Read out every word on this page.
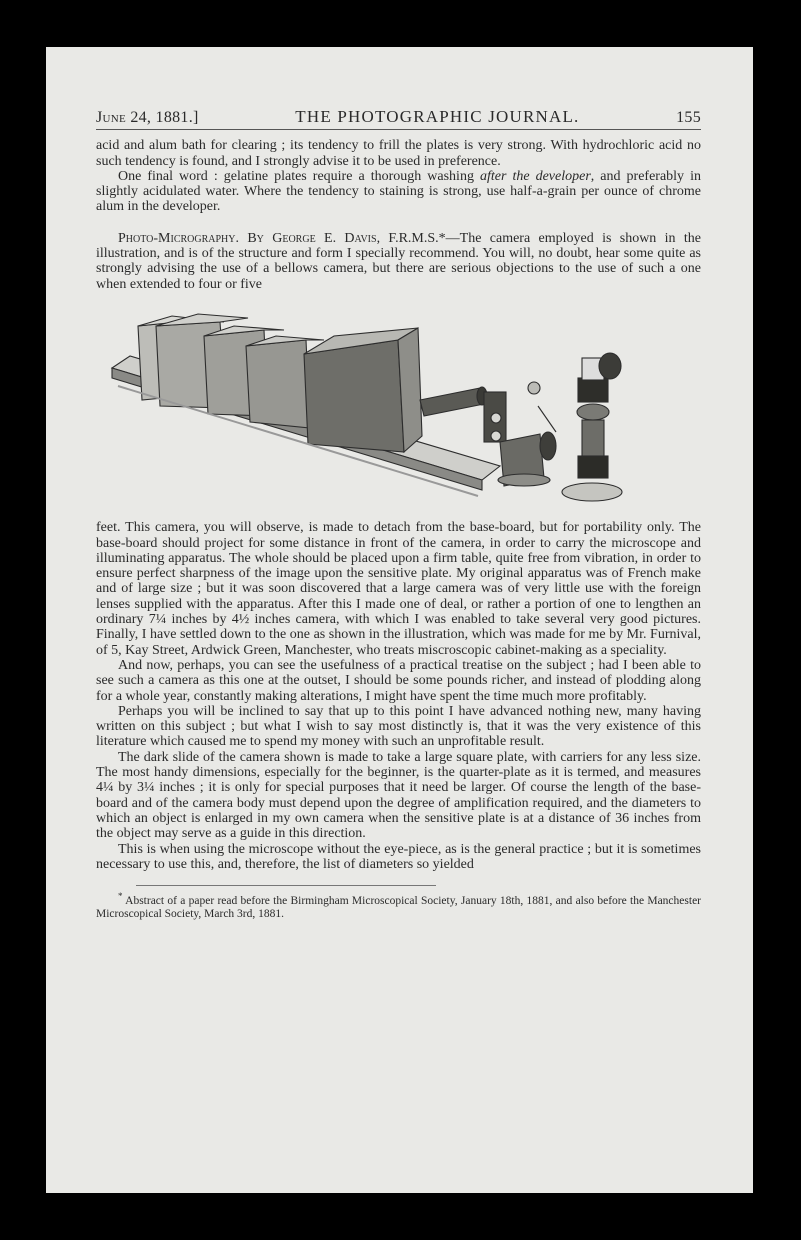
June 24, 1881.]	THE PHOTOGRAPHIC JOURNAL.	155

acid and alum bath for clearing ; its tendency to frill the plates is very strong. With hydrochloric acid no such tendency is found, and I strongly advise it to be used in preference.

One final word : gelatine plates require a thorough washing after the developer, and preferably in slightly acidulated water. Where the tendency to staining is strong, use half-a-grain per ounce of chrome alum in the developer.

Photo-Micrography. By George E. Davis, F.R.M.S.*—The camera employed is shown in the illustration, and is of the structure and form I specially recommend. You will, no doubt, hear some quite as strongly advising the use of a bellows camera, but there are serious objections to the use of such a one when extended to four or five

feet. This camera, you will observe, is made to detach from the base-board, but for portability only. The base-board should project for some distance in front of the camera, in order to carry the microscope and illuminating apparatus. The whole should be placed upon a firm table, quite free from vibration, in order to ensure perfect sharpness of the image upon the sensitive plate. My original apparatus was of French make and of large size ; but it was soon discovered that a large camera was of very little use with the foreign lenses supplied with the apparatus. After this I made one of deal, or rather a portion of one to lengthen an ordinary 7¼ inches by 4½ inches camera, with which I was enabled to take several very good pictures. Finally, I have settled down to the one as shown in the illustration, which was made for me by Mr. Furnival, of 5, Kay Street, Ardwick Green, Manchester, who treats miscroscopic cabinet-making as a speciality.

And now, perhaps, you can see the usefulness of a practical treatise on the subject ; had I been able to see such a camera as this one at the outset, I should be some pounds richer, and instead of plodding along for a whole year, constantly making alterations, I might have spent the time much more profitably.

Perhaps you will be inclined to say that up to this point I have advanced nothing new, many having written on this subject ; but what I wish to say most distinctly is, that it was the very existence of this literature which caused me to spend my money with such an unprofitable result.

The dark slide of the camera shown is made to take a large square plate, with carriers for any less size. The most handy dimensions, especially for the beginner, is the quarter-plate as it is termed, and measures 4¼ by 3¼ inches ; it is only for special purposes that it need be larger. Of course the length of the base-board and of the camera body must depend upon the degree of amplification required, and the diameters to which an object is enlarged in my own camera when the sensitive plate is at a distance of 36 inches from the object may serve as a guide in this direction.

This is when using the microscope without the eye-piece, as is the general practice ; but it is sometimes necessary to use this, and, therefore, the list of diameters so yielded

* Abstract of a paper read before the Birmingham Microscopical Society, January 18th, 1881, and also before the Manchester Microscopical Society, March 3rd, 1881.
